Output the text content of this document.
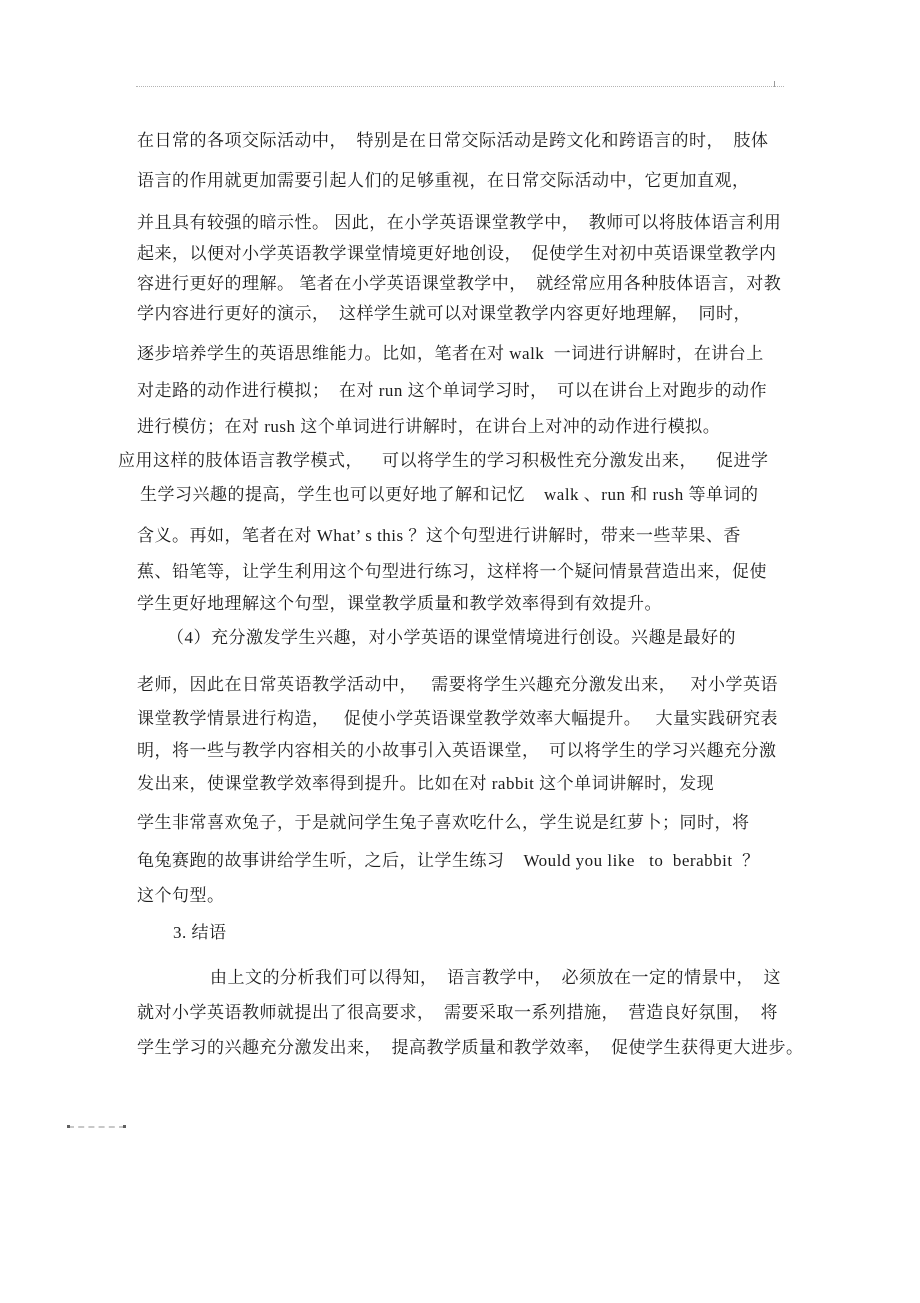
在日常的各项交际活动中，  特别是在日常交际活动是跨文化和跨语言的时，  肢体
语言的作用就更加需要引起人们的足够重视，在日常交际活动中，它更加直观，
并且具有较强的暗示性。 因此，在小学英语课堂教学中，  教师可以将肢体语言利用
起来，以便对小学英语教学课堂情境更好地创设，  促使学生对初中英语课堂教学内
容进行更好的理解。 笔者在小学英语课堂教学中，  就经常应用各种肢体语言，对教
学内容进行更好的演示，  这样学生就可以对课堂教学内容更好地理解，  同时，
逐步培养学生的英语思维能力。比如，笔者在对 walk  一词进行讲解时，在讲台上
对走路的动作进行模拟；  在对 run 这个单词学习时，  可以在讲台上对跑步的动作
进行模仿；在对 rush 这个单词进行讲解时，在讲台上对冲的动作进行模拟。
应用这样的肢体语言教学模式，    可以将学生的学习积极性充分激发出来，    促进学
生学习兴趣的提高，学生也可以更好地了解和记忆    walk 、run 和 rush 等单词的
含义。再如，笔者在对 What’ s this ？这个句型进行讲解时，带来一些苹果、香
蕉、铅笔等，让学生利用这个句型进行练习，这样将一个疑问情景营造出来，促使
学生更好地理解这个句型，课堂教学质量和教学效率得到有效提升。
（4）充分激发学生兴趣，对小学英语的课堂情境进行创设。兴趣是最好的
老师，因此在日常英语教学活动中，   需要将学生兴趣充分激发出来，   对小学英语
课堂教学情景进行构造，   促使小学英语课堂教学效率大幅提升。   大量实践研究表
明，将一些与教学内容相关的小故事引入英语课堂，  可以将学生的学习兴趣充分激
发出来，使课堂教学效率得到提升。比如在对 rabbit 这个单词讲解时，发现
学生非常喜欢兔子，于是就问学生兔子喜欢吃什么，学生说是红萝卜；同时，将
龟兔赛跑的故事讲给学生听，之后，让学生练习    Would you like   to  berabbit  ？
这个句型。
3. 结语
由上文的分析我们可以得知，  语言教学中，  必须放在一定的情景中，  这
就对小学英语教师就提出了很高要求，  需要采取一系列措施，  营造良好氛围，  将
学生学习的兴趣充分激发出来，  提高教学质量和教学效率，  促使学生获得更大进步。
